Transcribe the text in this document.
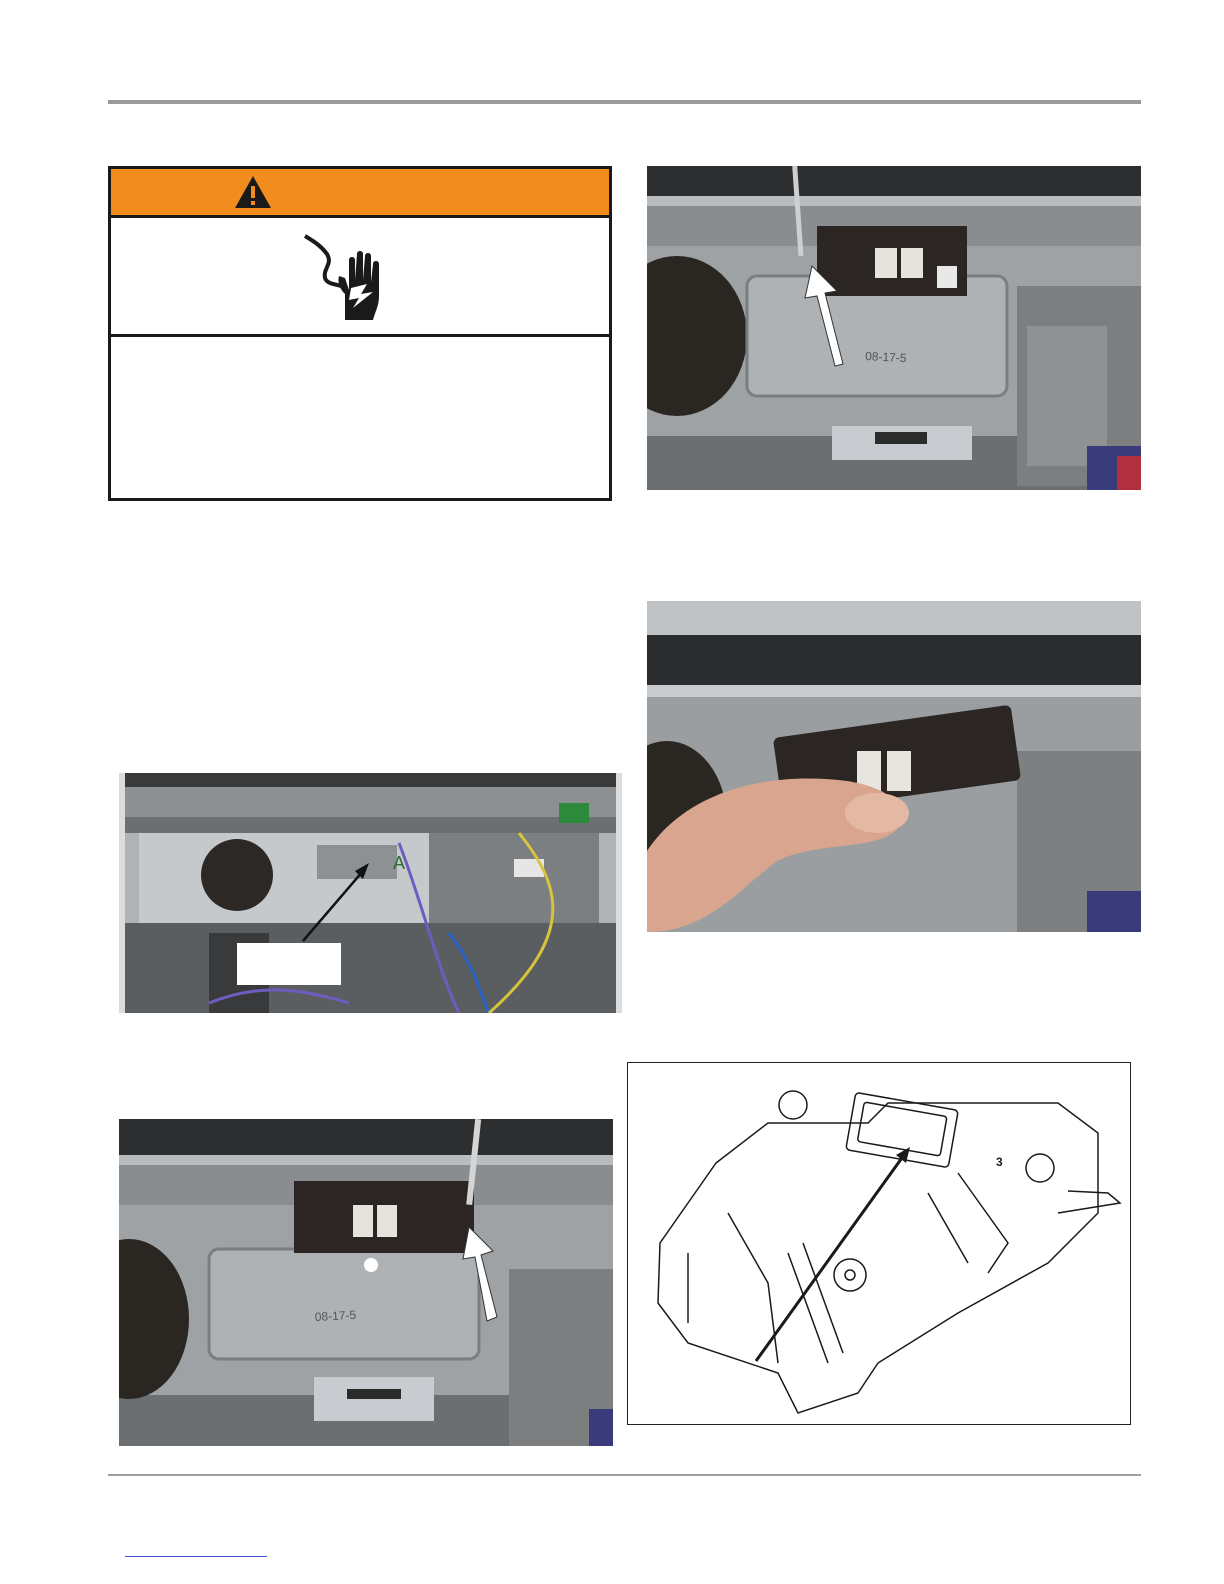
08-17-5
A
08-17-5
3
